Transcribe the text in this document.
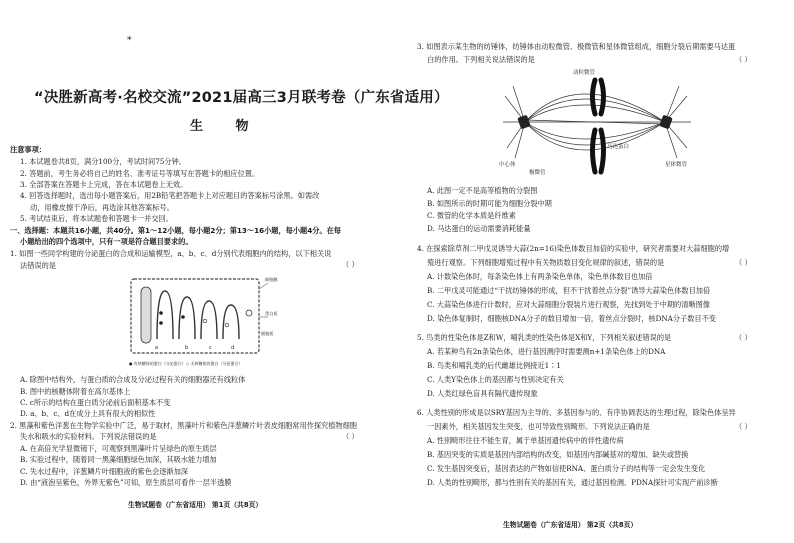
*
“决胜新高考·名校交流”2021届高三3月联考卷（广东省适用）
生 物
注意事项：
1. 本试题卷共8页，满分100分，考试时间75分钟。
2. 答题前，考生务必将自己的姓名、准考证号等填写在答题卡的相应位置。
3. 全部答案在答题卡上完成，答在本试题卷上无效。
4. 回答选择题时，选出每小题答案后，用2B铅笔把答题卡上对应题目的答案标号涂黑。如需改
动，用橡皮擦干净后，再选涂其他答案标号。
5. 考试结束后，将本试题卷和答题卡一并交回。
一、选择题：本题共16小题，共40分。第1～12小题，每小题2分；第13～16小题，每小题4分。在每
小题给出的四个选项中，只有一项是符合题目要求的。
1. 如图一些同学构建的分泌蛋白的合成和运输模型，a、b、c、d分别代表细胞内的结构，以下相关说
法错误的是	（ ）
a	b	c	d
细胞膜
蛋白质
细胞质
● 有核糖体的蛋白（分泌蛋白）○ 无核糖体的蛋白（分泌蛋白）
A. 除图中结构外，与蛋白质的合成及分泌过程有关的细胞器还有线粒体
B. 图中的核糖体附着在高尔基体上
C. c所示的结构在蛋白质分泌前后面积基本不变
D. a、b、c、d在成分上具有很大的相似性
2. 黑藻和紫色洋葱在生物学实验中广泛，易于取材，黑藻叶片和紫色洋葱鳞片叶表皮细胞常用作探究植物细胞
失水和吸水的实验材料。下列说法错误的是	（ ）
A. 在高倍光学显微镜下，可观察到黑藻叶片呈绿色的原生质层
B. 实验过程中，随着同一黑藻细胞绿色加深，其吸水能力增加
C. 失水过程中，洋葱鳞片叶细胞液的紫色会逐渐加深
D. 由“液泡呈紫色，外界无紫色”可知，原生质层可看作一层半透膜
生物试题卷（广东省适用） 第1页（共8页）
3. 如图表示某生物的纺锤体，纺锤体由动粒微管、极微管和星体微管组成，细胞分裂后期需要马达蛋
白的作用。下列相关说法错误的是	（ ）
动粒微管
中心体
极微管
马达蛋白
星体微管
A. 此图一定不是高等植物的分裂图
B. 如图所示的时期可能为细胞分裂中期
C. 微管的化学本质是纤维素
D. 马达蛋白的运动需要消耗能量
4. 在探索除草剂二甲戊灵诱导大蒜(2n=16)染色体数目加倍的实验中，研究者需要对大蒜细胞的增
殖进行观察。下列细胞增殖过程中有关物质数目变化规律的叙述，错误的是	（ ）
A. 计数染色体时，每条染色体上有两条染色单体，染色单体数目也加倍
B. 二甲戊灵可能通过“干扰纺锤体的形成，但不干扰着丝点分裂”诱导大蒜染色体数目加倍
C. 大蒜染色体进行计数时，应对大蒜细胞分裂装片进行观察，先找到处于中期的清晰图像
D. 染色体复制时，细胞核DNA分子的数目增加一倍，着丝点分裂时，核DNA分子数目不变
5. 鸟类的性染色体是Z和W，哺乳类的性染色体是X和Y，下列相关叙述错误的是	（ ）
A. 若某种鸟有2n条染色体，进行基因测序时需要测n+1条染色体上的DNA
B. 鸟类和哺乳类的后代雌雄比例接近1∶1
C. 人类Y染色体上的基因都与性别决定有关
D. 人类红绿色盲具有隔代遗传现象
6. 人类性别的形成是以SRY基因为主导的、多基因参与的、有序协调表达的生理过程，除染色体呈异
一因素外，相关基因发生突变，也可导致性别畸形。下列说法正确的是	（ ）
A. 性别畸形往往不能生育，属于单基因遗传病中的伴性遗传病
B. 基因突变的实质是基因内部结构的改变，如基因内部碱基对的增加、缺失或替换
C. 发生基因突变后，基因表达的产物如信使RNA、蛋白质分子的结构等一定会发生变化
D. 人类的性别畸形，都与性别有关的基因有关，通过基因检测、PDNA探针可实现产前诊断
生物试题卷（广东省适用） 第2页（共8页）
